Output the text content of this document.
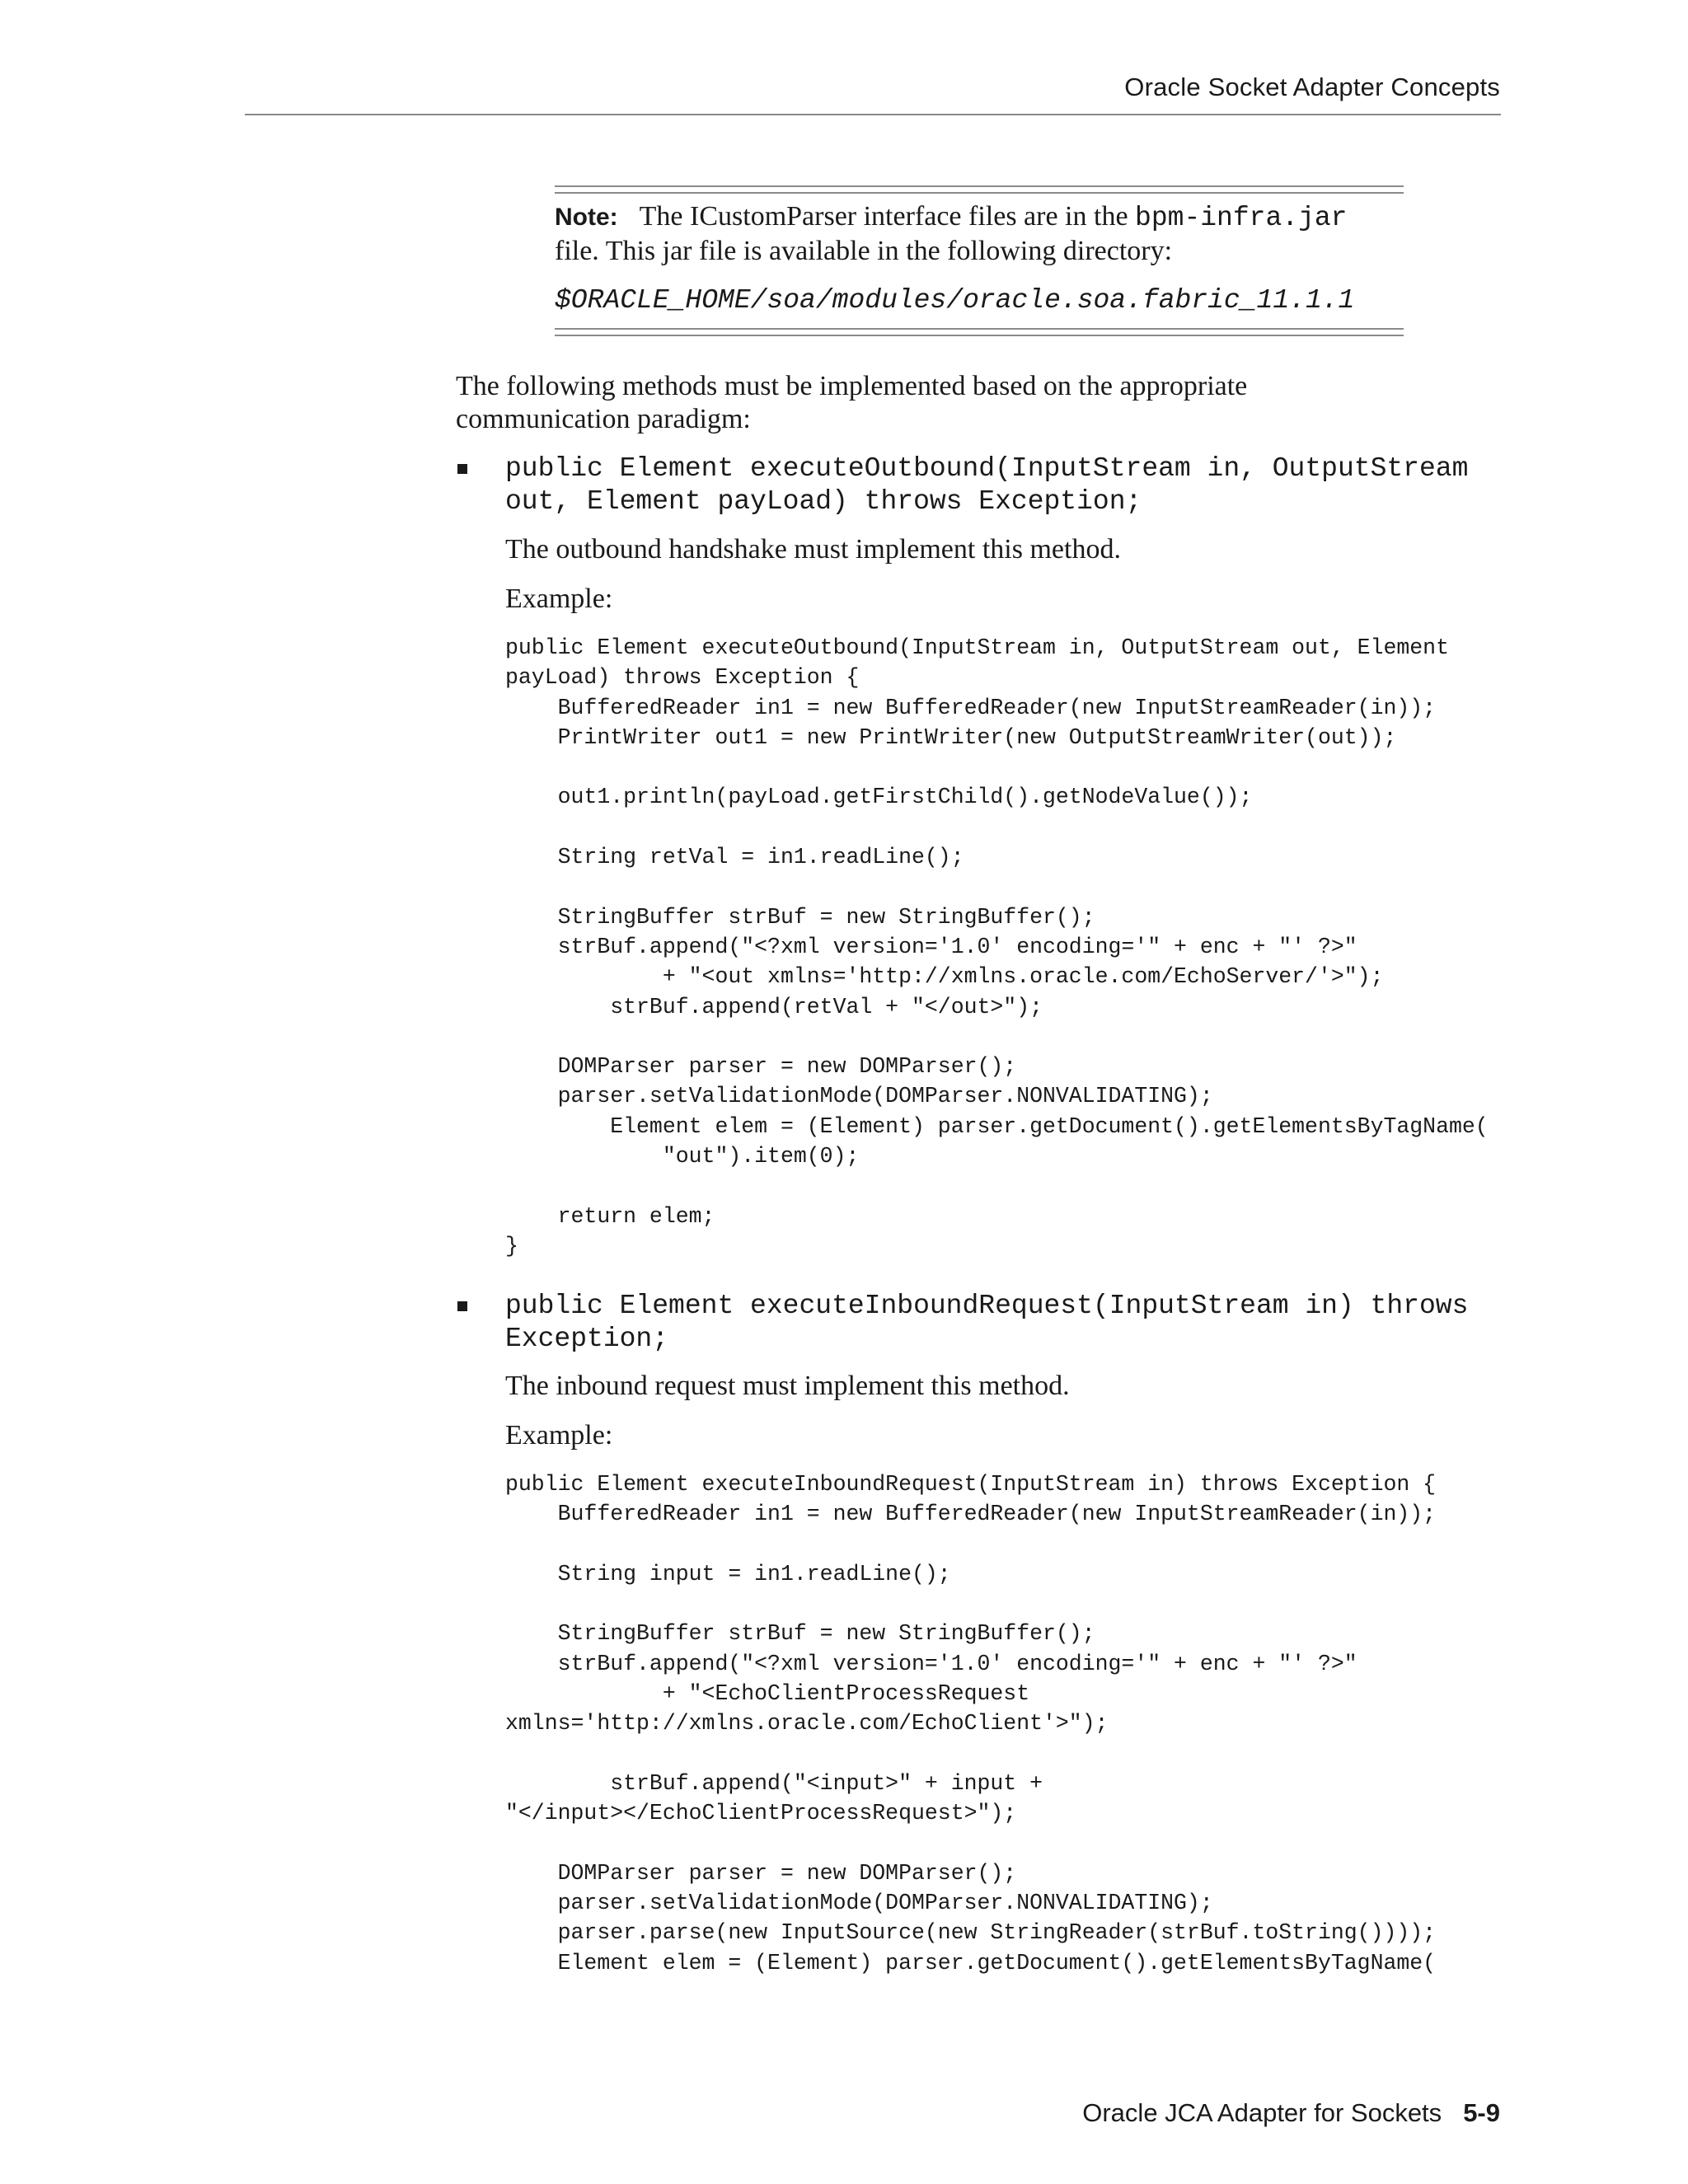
Oracle Socket Adapter Concepts
Note: The ICustomParser interface files are in the bpm-infra.jar
file. This jar file is available in the following directory:
$ORACLE_HOME/soa/modules/oracle.soa.fabric_11.1.1
The following methods must be implemented based on the appropriate
communication paradigm:
public Element executeOutbound(InputStream in, OutputStream
out, Element payLoad) throws Exception;
The outbound handshake must implement this method.
Example:
public Element executeOutbound(InputStream in, OutputStream out, Element
payLoad) throws Exception {
BufferedReader in1 = new BufferedReader(new InputStreamReader(in));
PrintWriter out1 = new PrintWriter(new OutputStreamWriter(out));

out1.println(payLoad.getFirstChild().getNodeValue());

String retVal = in1.readLine();

StringBuffer strBuf = new StringBuffer();
strBuf.append("<?xml version='1.0' encoding='" + enc + "' ?>"
+ "<out xmlns='http://xmlns.oracle.com/EchoServer/'>");
strBuf.append(retVal + "</out>");

DOMParser parser = new DOMParser();
parser.setValidationMode(DOMParser.NONVALIDATING);
Element elem = (Element) parser.getDocument().getElementsByTagName(
"out").item(0);

return elem;
}
public Element executeInboundRequest(InputStream in) throws
Exception;
The inbound request must implement this method.
Example:
public Element executeInboundRequest(InputStream in) throws Exception {
BufferedReader in1 = new BufferedReader(new InputStreamReader(in));

String input = in1.readLine();

StringBuffer strBuf = new StringBuffer();
strBuf.append("<?xml version='1.0' encoding='" + enc + "' ?>"
+ "<EchoClientProcessRequest
xmlns='http://xmlns.oracle.com/EchoClient'>");

strBuf.append("<input>" + input +
"</input></EchoClientProcessRequest>");

DOMParser parser = new DOMParser();
parser.setValidationMode(DOMParser.NONVALIDATING);
parser.parse(new InputSource(new StringReader(strBuf.toString())));
Element elem = (Element) parser.getDocument().getElementsByTagName(
Oracle JCA Adapter for Sockets 5-9
